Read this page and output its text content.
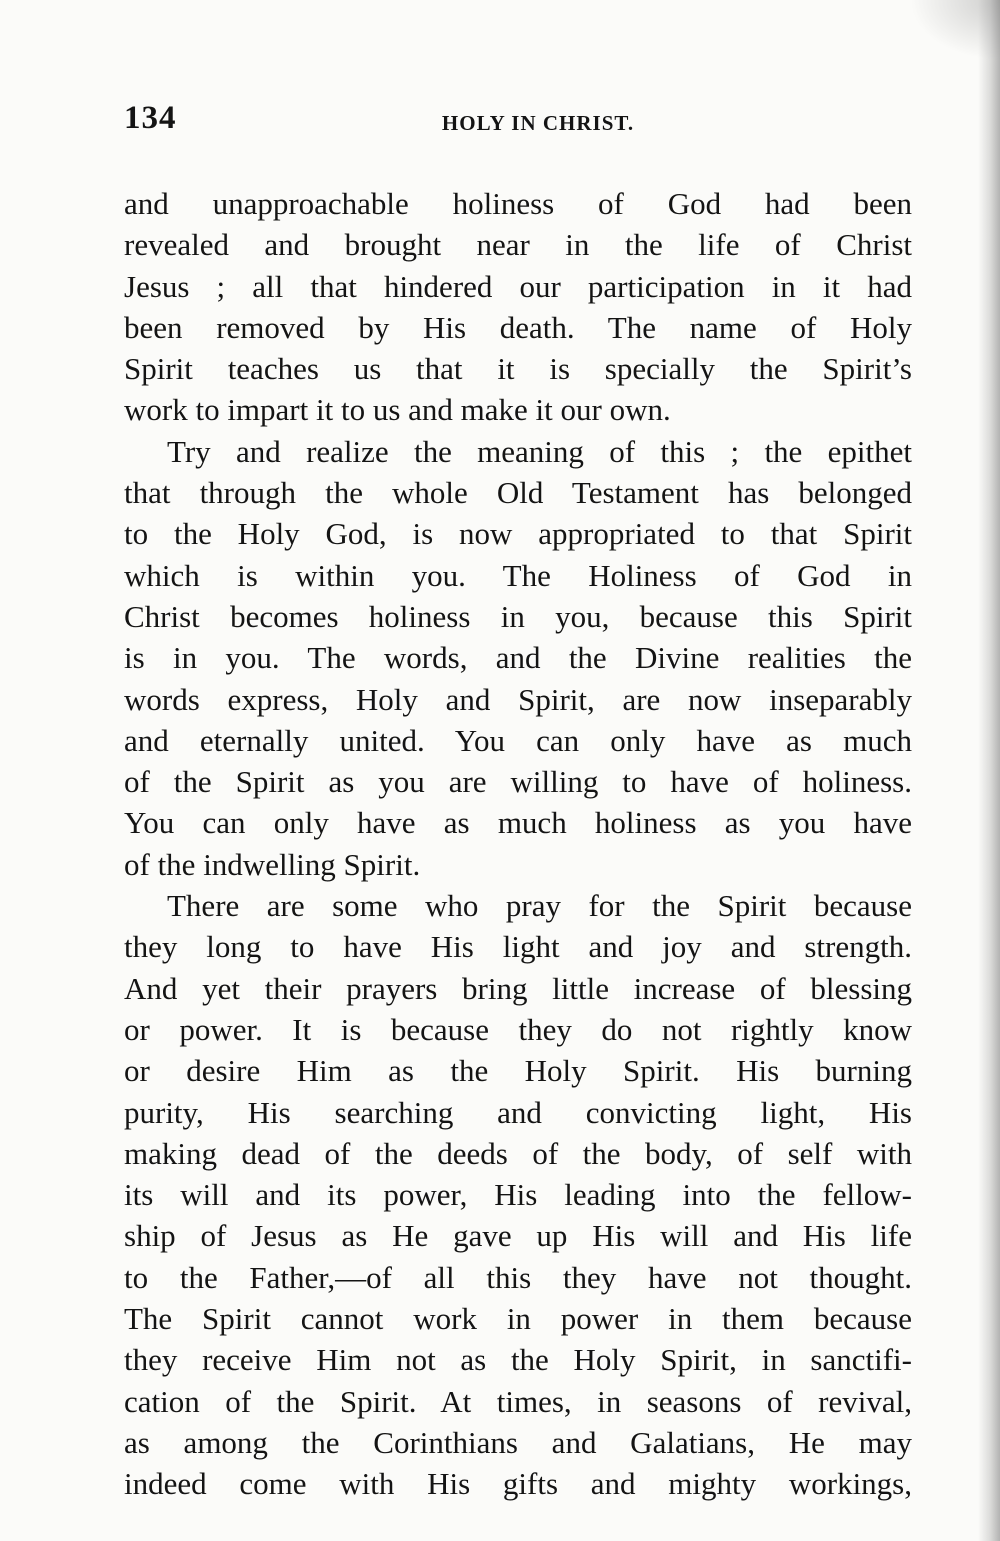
134	HOLY IN CHRIST.
and unapproachable holiness of God had been
revealed and brought near in the life of Christ
Jesus ; all that hindered our participation in it had
been removed by His death. The name of Holy
Spirit teaches us that it is specially the Spirit’s
work to impart it to us and make it our own.
Try and realize the meaning of this ; the epithet
that through the whole Old Testament has belonged
to the Holy God, is now appropriated to that Spirit
which is within you. The Holiness of God in
Christ becomes holiness in you, because this Spirit
is in you. The words, and the Divine realities the
words express, Holy and Spirit, are now inseparably
and eternally united. You can only have as much
of the Spirit as you are willing to have of holiness.
You can only have as much holiness as you have
of the indwelling Spirit.
There are some who pray for the Spirit because
they long to have His light and joy and strength.
And yet their prayers bring little increase of blessing
or power. It is because they do not rightly know
or desire Him as the Holy Spirit. His burning
purity, His searching and convicting light, His
making dead of the deeds of the body, of self with
its will and its power, His leading into the fellow-
ship of Jesus as He gave up His will and His life
to the Father,—of all this they have not thought.
The Spirit cannot work in power in them because
they receive Him not as the Holy Spirit, in sanctifi-
cation of the Spirit. At times, in seasons of revival,
as among the Corinthians and Galatians, He may
indeed come with His gifts and mighty workings,
